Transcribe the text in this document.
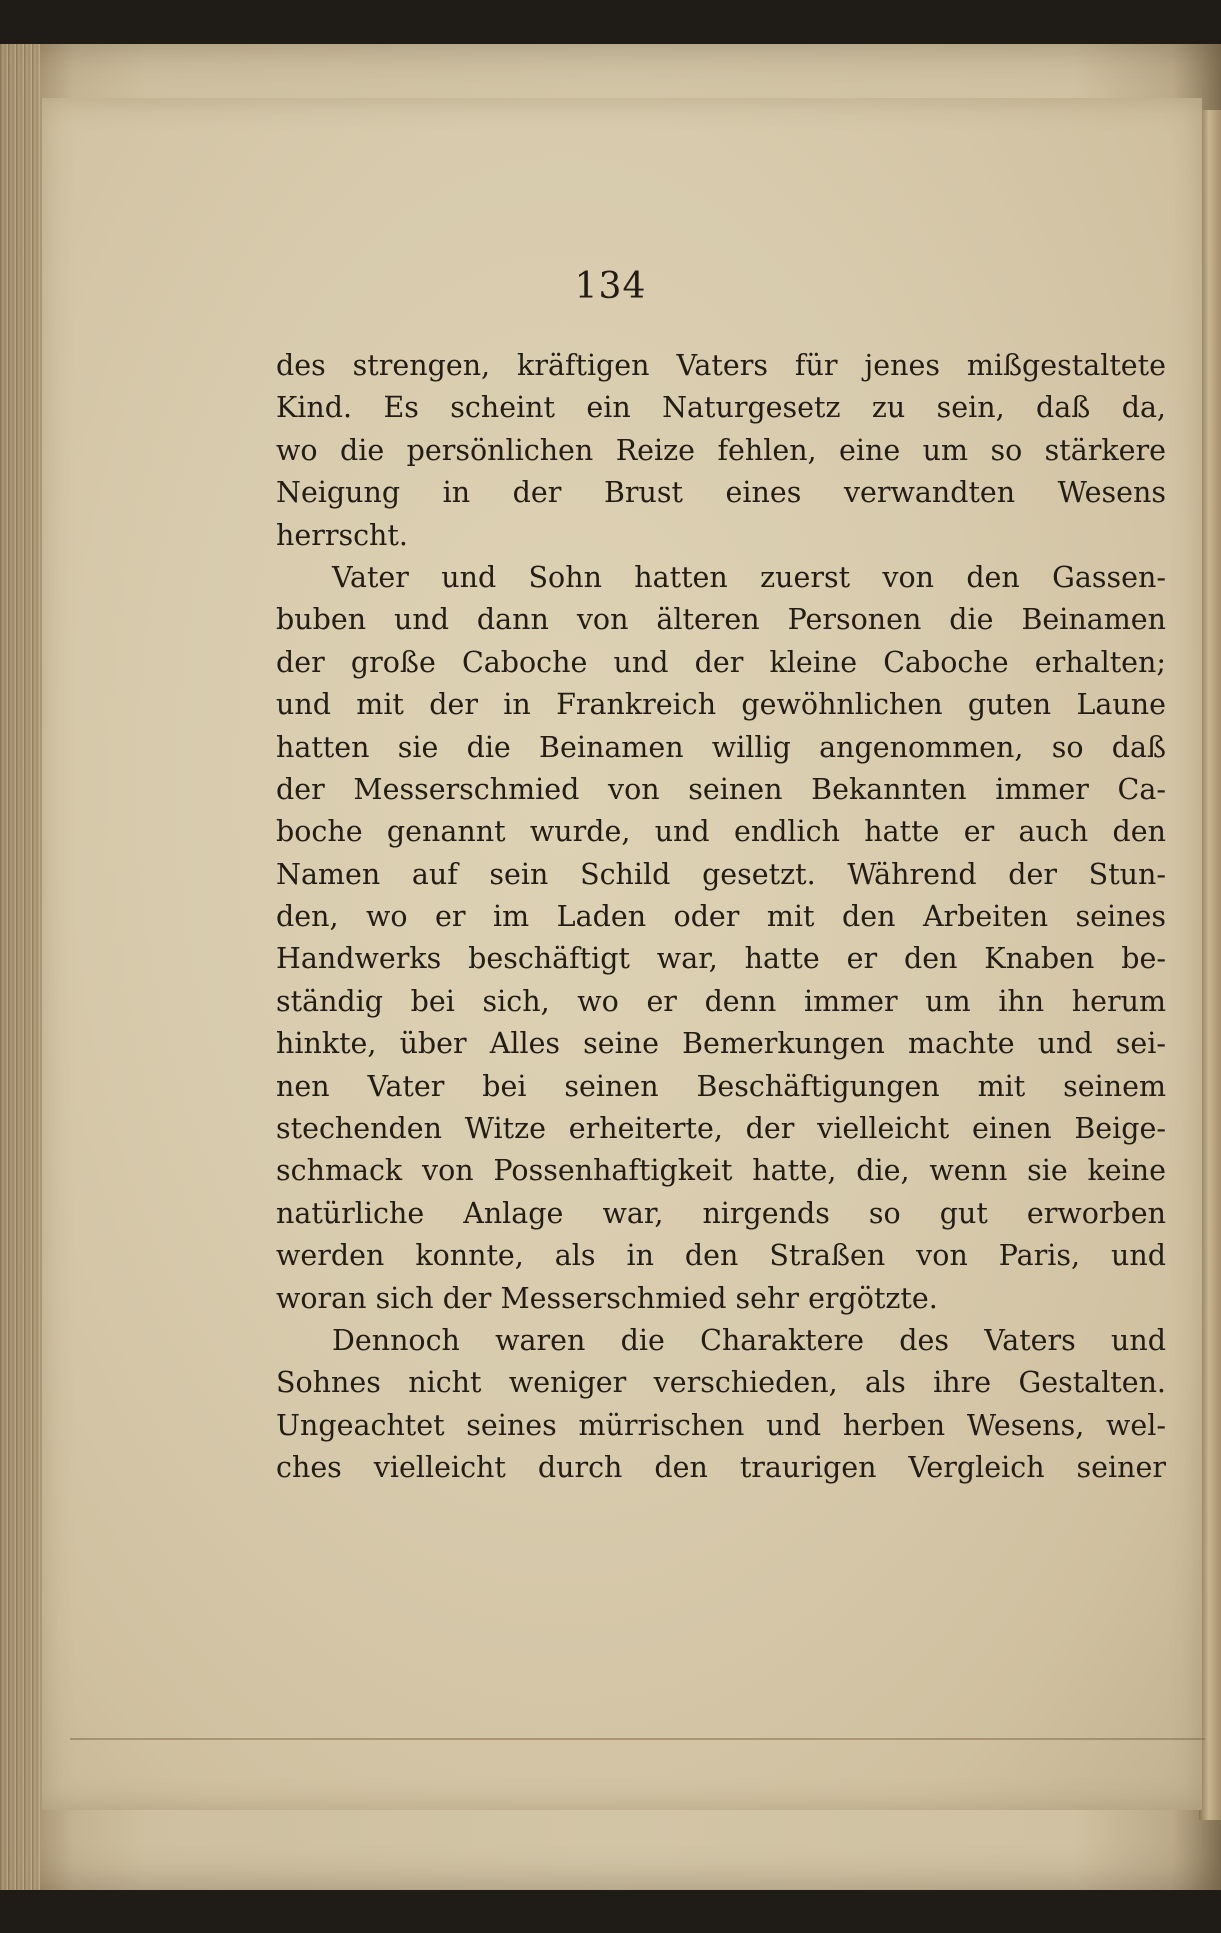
134
des strengen, kräftigen Vaters für jenes mißgestaltete
Kind. Es scheint ein Naturgesetz zu sein, daß da,
wo die persönlichen Reize fehlen, eine um so stärkere
Neigung in der Brust eines verwandten Wesens
herrscht.
Vater und Sohn hatten zuerst von den Gassen-
buben und dann von älteren Personen die Beinamen
der große Caboche und der kleine Caboche erhalten;
und mit der in Frankreich gewöhnlichen guten Laune
hatten sie die Beinamen willig angenommen, so daß
der Messerschmied von seinen Bekannten immer Ca-
boche genannt wurde, und endlich hatte er auch den
Namen auf sein Schild gesetzt. Während der Stun-
den, wo er im Laden oder mit den Arbeiten seines
Handwerks beschäftigt war, hatte er den Knaben be-
ständig bei sich, wo er denn immer um ihn herum
hinkte, über Alles seine Bemerkungen machte und sei-
nen Vater bei seinen Beschäftigungen mit seinem
stechenden Witze erheiterte, der vielleicht einen Beige-
schmack von Possenhaftigkeit hatte, die, wenn sie keine
natürliche Anlage war, nirgends so gut erworben
werden konnte, als in den Straßen von Paris, und
woran sich der Messerschmied sehr ergötzte.
Dennoch waren die Charaktere des Vaters und
Sohnes nicht weniger verschieden, als ihre Gestalten.
Ungeachtet seines mürrischen und herben Wesens, wel-
ches vielleicht durch den traurigen Vergleich seiner
